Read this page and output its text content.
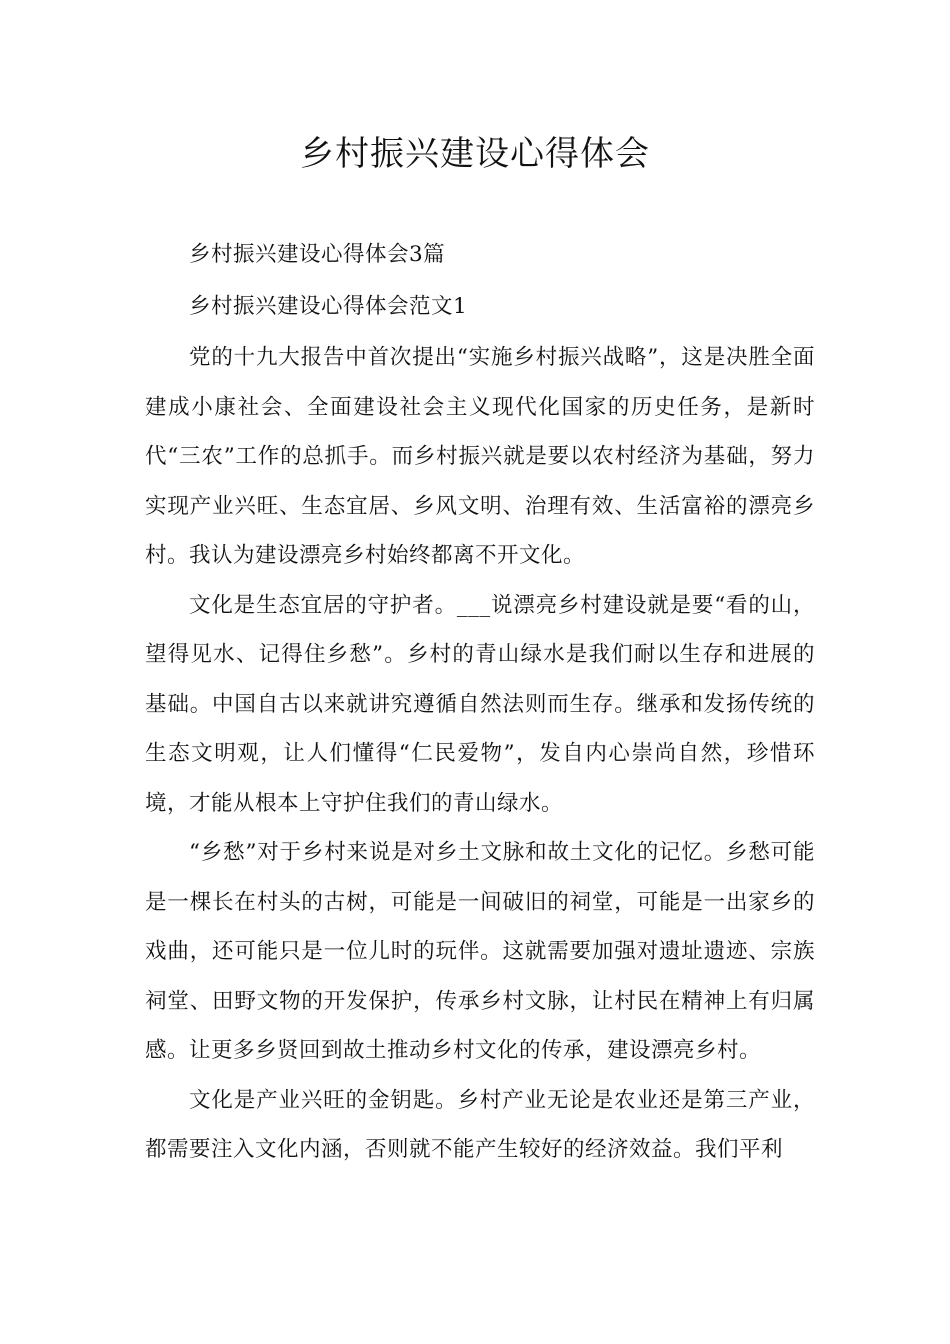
乡村振兴建设心得体会

乡村振兴建设心得体会3篇

乡村振兴建设心得体会范文1

党的十九大报告中首次提出“实施乡村振兴战略”，这是决胜全面建成小康社会、全面建设社会主义现代化国家的历史任务，是新时代“三农”工作的总抓手。而乡村振兴就是要以农村经济为基础，努力实现产业兴旺、生态宜居、乡风文明、治理有效、生活富裕的漂亮乡村。我认为建设漂亮乡村始终都离不开文化。

文化是生态宜居的守护者。___说漂亮乡村建设就是要“看的山，望得见水、记得住乡愁”。乡村的青山绿水是我们耐以生存和进展的基础。中国自古以来就讲究遵循自然法则而生存。继承和发扬传统的生态文明观，让人们懂得“仁民爱物”，发自内心崇尚自然，珍惜环境，才能从根本上守护住我们的青山绿水。

“乡愁”对于乡村来说是对乡土文脉和故土文化的记忆。乡愁可能是一棵长在村头的古树，可能是一间破旧的祠堂，可能是一出家乡的戏曲，还可能只是一位儿时的玩伴。这就需要加强对遗址遗迹、宗族祠堂、田野文物的开发保护，传承乡村文脉，让村民在精神上有归属感。让更多乡贤回到故土推动乡村文化的传承，建设漂亮乡村。

文化是产业兴旺的金钥匙。乡村产业无论是农业还是第三产业，都需要注入文化内涵，否则就不能产生较好的经济效益。我们平利
